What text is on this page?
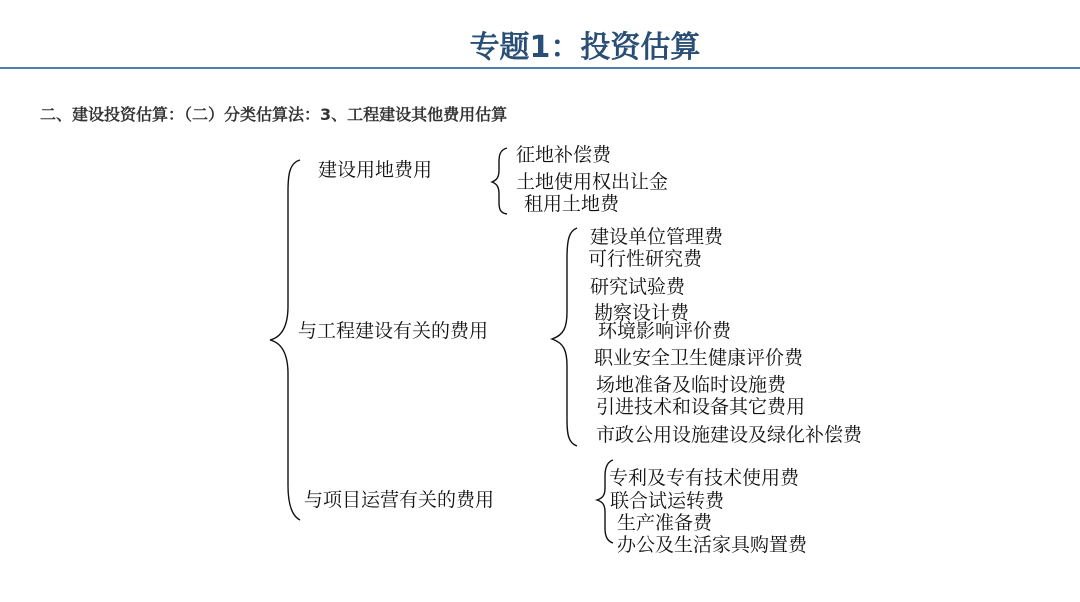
专题1：投资估算
二、建设投资估算：（二）分类估算法：3、工程建设其他费用估算
建设用地费用
与工程建设有关的费用
与项目运营有关的费用
征地补偿费
土地使用权出让金
租用土地费
建设单位管理费
可行性研究费
研究试验费
勘察设计费
环境影响评价费
职业安全卫生健康评价费
场地准备及临时设施费
引进技术和设备其它费用
市政公用设施建设及绿化补偿费
专利及专有技术使用费
联合试运转费
生产准备费
办公及生活家具购置费
